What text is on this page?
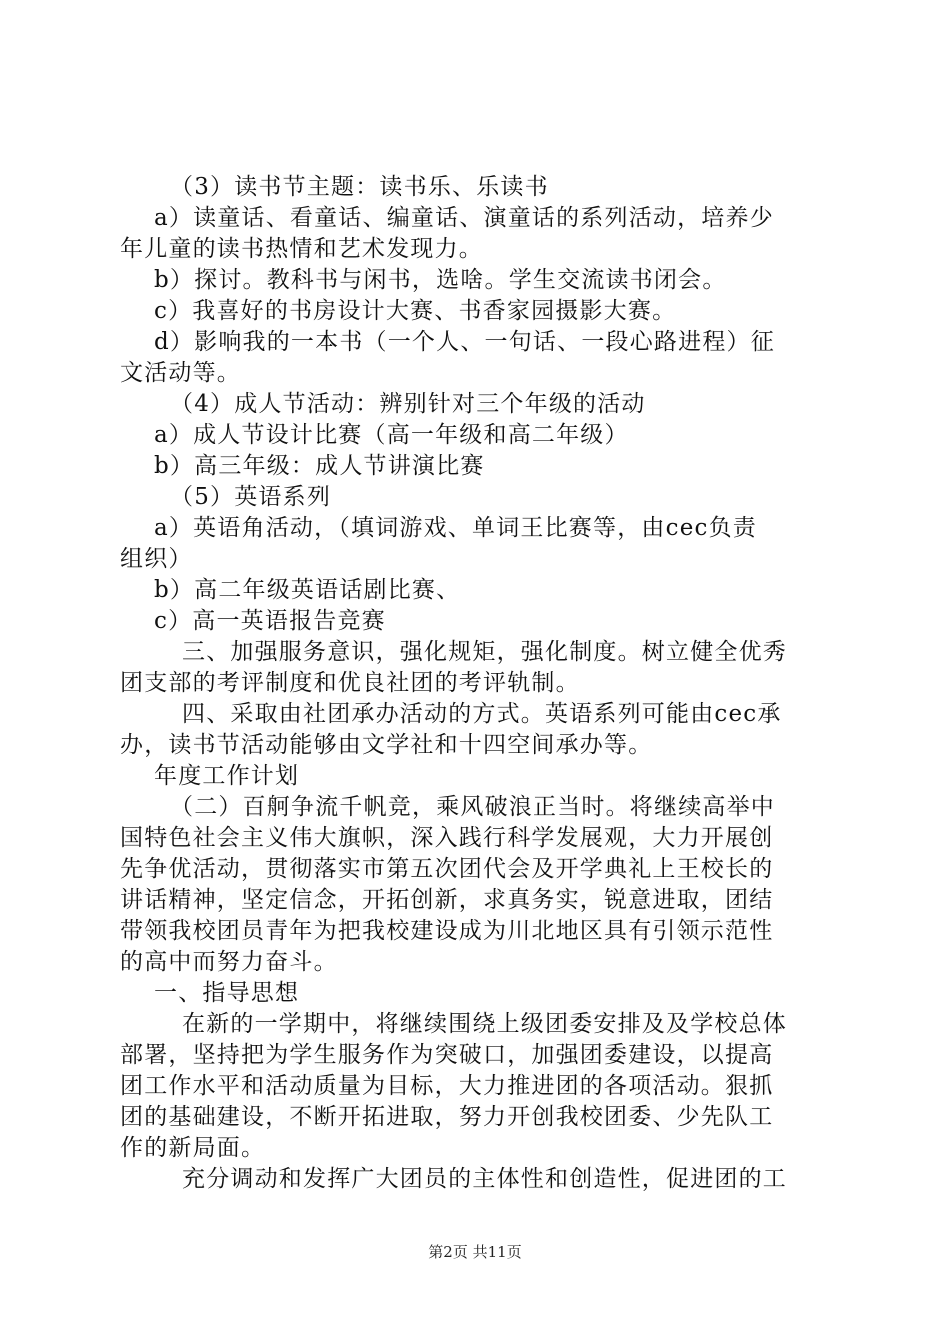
（3）读书节主题：读书乐、乐读书
a）读童话、看童话、编童话、演童话的系列活动，培养少
年儿童的读书热情和艺术发现力。
b）探讨。教科书与闲书，选啥。学生交流读书闭会。
c）我喜好的书房设计大赛、书香家园摄影大赛。
d）影响我的一本书（一个人、一句话、一段心路进程）征
文活动等。
（4）成人节活动：辨别针对三个年级的活动
a）成人节设计比赛（高一年级和高二年级）
b）高三年级：成人节讲演比赛
（5）英语系列
a）英语角活动，（填词游戏、单词王比赛等，由cec负责
组织）
b）高二年级英语话剧比赛、
c）高一英语报告竞赛
三、加强服务意识，强化规矩，强化制度。树立健全优秀
团支部的考评制度和优良社团的考评轨制。
四、采取由社团承办活动的方式。英语系列可能由cec承
办，读书节活动能够由文学社和十四空间承办等。
年度工作计划
（二）百舸争流千帆竞，乘风破浪正当时。将继续高举中
国特色社会主义伟大旗帜，深入践行科学发展观，大力开展创
先争优活动，贯彻落实市第五次团代会及开学典礼上王校长的
讲话精神，坚定信念，开拓创新，求真务实，锐意进取，团结
带领我校团员青年为把我校建设成为川北地区具有引领示范性
的高中而努力奋斗。
一、指导思想
在新的一学期中，将继续围绕上级团委安排及及学校总体
部署，坚持把为学生服务作为突破口，加强团委建设，以提高
团工作水平和活动质量为目标，大力推进团的各项活动。狠抓
团的基础建设，不断开拓进取，努力开创我校团委、少先队工
作的新局面。
充分调动和发挥广大团员的主体性和创造性，促进团的工
第2页 共11页
